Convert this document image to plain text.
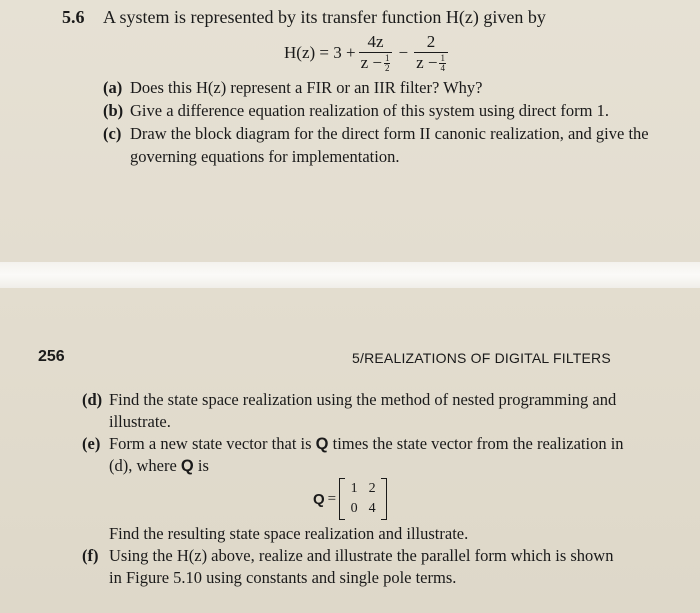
5.6 A system is represented by its transfer function H(z) given by
$H(z) = 3 + \frac{4z}{z - \frac{1}{2}} - \frac{2}{z - \frac{1}{4}}$
(a) Does this H(z) represent a FIR or an IIR filter? Why?
(b) Give a difference equation realization of this system using direct form 1.
(c) Draw the block diagram for the direct form II canonic realization, and give the
governing equations for implementation.
256	5/REALIZATIONS OF DIGITAL FILTERS
(d) Find the state space realization using the method of nested programming and
illustrate.
(e) Form a new state vector that is Q times the state vector from the realization in
(d), where Q is
Q =
1 2
0 4
Find the resulting state space realization and illustrate.
(f) Using the H(z) above, realize and illustrate the parallel form which is shown
in Figure 5.10 using constants and single pole terms.
